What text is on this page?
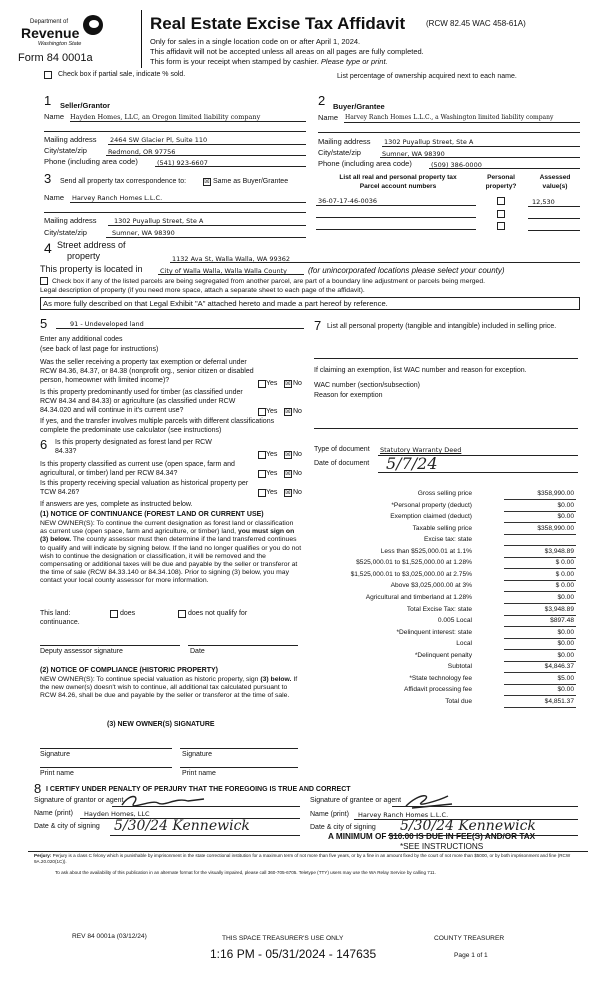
Department of
Revenue
Washington State
Form 84 0001a
Real Estate Excise Tax Affidavit	(RCW 82.45 WAC 458-61A)
Only for sales in a single location code on or after April 1, 2024.
This affidavit will not be accepted unless all areas on all pages are fully completed.
This form is your receipt when stamped by cashier. Please type or print.
Check box if partial sale, indicate % sold.	List percentage of ownership acquired next to each name.
1 Seller/Grantor
Name Hayden Homes, LLC, an Oregon limited liability company
Mailing address 2464 SW Glacier Pl, Suite 110
City/state/zip	Redmond, OR 97756
Phone (including area code)	(541) 923-6607
2 Buyer/Grantee
Name Harvey Ranch Homes L.L.C., a Washington limited liability company
Mailing address 1302 Puyallup Street, Ste A
City/state/zip	Sumner, WA 98390
Phone (including area code)	(509) 386-0000
3 Send all property tax correspondence to:	☒ Same as Buyer/Grantee
Name Harvey Ranch Homes L.L.C.
Mailing address	1302 Puyallup Street, Ste A
City/state/zip	Sumner, WA 98390
List all real and personal property tax
Parcel account numbers
Personal
property?
Assessed
value(s)
36-07-17-46-0036	12,530
4 Street address of
property	1132 Ava St, Walla Walla, WA 99362
This property is located in	City of Walla Walla, Walla Walla County	(for unincorporated locations please select your county)
Check box if any of the listed parcels are being segregated from another parcel, are part of a boundary line adjustment or parcels being merged.
Legal description of property (if you need more space, attach a separate sheet to each page of the affidavit).
As more fully described on that Legal Exhibit "A" attached hereto and made a part hereof by reference.
5	91 - Undeveloped land
Enter any additional codes
(see back of last page for instructions)
Was the seller receiving a property tax exemption or deferral under RCW 84.36, 84.37, or 84.38 (nonprofit org., senior citizen or disabled person, homeowner with limited income)?	Yes ☒ No
Is this property predominantly used for timber (as classified under RCW 84.34 and 84.33) or agriculture (as classified under RCW 84.34.020 and will continue in it's current use?	Yes ☒ No
If yes, and the transfer involves multiple parcels with different classifications complete the predominate use calculator (see instructions)
6 Is this property designated as forest land per RCW 84.33?	Yes ☒ No
Is this property classified as current use (open space, farm and agricultural, or timber) land per RCW 84.34?	Yes ☒ No
Is this property receiving special valuation as historical property per TCW 84.26?	Yes ☒ No
If answers are yes, complete as instructed below.
(1) NOTICE OF CONTINUANCE (FOREST LAND OR CURRENT USE)
NEW OWNER(S): To continue the current designation as forest land or classification as current use (open space, farm and agriculture, or timber) land, you must sign on (3) below. The county assessor must then determine if the land transferred continues to qualify and will indicate by signing below. If the land no longer qualifies or you do not wish to continue the designation or classification, it will be removed and the compensating or additional taxes will be due and payable by the seller or transferor at the time of sale (RCW 84.33.140 or 84.34.108). Prior to signing (3) below, you may contact your local county assessor for more information.
This land:
continuance.
does	does not qualify for
Deputy assessor signature	Date
(2) NOTICE OF COMPLIANCE (HISTORIC PROPERTY)
NEW OWNER(S): To continue special valuation as historic property, sign (3) below. If the new owner(s) doesn't wish to continue, all additional tax calculated pursuant to RCW 84.26, shall be due and payable by the seller or transferor at the time of sale.
(3) NEW OWNER(S) SIGNATURE
Signature	Signature
Print name	Print name
7 List all personal property (tangible and intangible) included in selling price.
If claiming an exemption, list WAC number and reason for exception.
WAC number (section/subsection)
Reason for exemption
Type of document Statutory Warranty Deed
Date of document 5/7/24
Gross selling price	$358,990.00
*Personal property (deduct)	$0.00
Exemption claimed (deduct)	$0.00
Taxable selling price	$358,990.00
Excise tax: state
Less than $525,000.01 at 1.1%	$3,948.89
$525,000.01 to $1,525,000.00 at 1.28%	$ 0.00
$1,525,000.01 to $3,025,000.00 at 2.75%	$ 0.00
Above $3,025,000.00 at 3%	$ 0.00
Agricultural and timberland at 1.28%	$0.00
Total Excise Tax: state	$3,948.89
0.005 Local	$897.48
*Delinquent interest: state	$0.00
Local	$0.00
*Delinquent penalty	$0.00
Subtotal	$4,846.37
*State technology fee	$5.00
Affidavit processing fee	$0.00
Total due	$4,851.37
A MINIMUM OF $10.00 IS DUE IN FEE(S) AND/OR TAX
*SEE INSTRUCTIONS
8 I CERTIFY UNDER PENALTY OF PERJURY THAT THE FOREGOING IS TRUE AND CORRECT
Signature of grantor or agent
Name (print) Hayden Homes, LLC
Date & city of signing 5/30/24 Kennewick
Signature of grantee or agent
Name (print) Harvey Ranch Homes L.L.C.
Date & city of signing 5/30/24 Kennewick
Perjury: Perjury is a class C felony which is punishable by imprisonment in the state correctional institution for a maximum term of not more than five years, or by a fine in an amount fixed by the court of not more than $5000, or by both imprisonment and fine (RCW 9A.20.020(1C)).
To ask about the availability of this publication in an alternate format for the visually impaired, please call 360-705-6705. Teletype (TTY) users may use the WA Relay Service by calling 711.
REV 84 0001a (03/12/24)	THIS SPACE TREASURER'S USE ONLY	COUNTY TREASURER
1:16 PM - 05/31/2024 - 147635	Page 1 of 1
